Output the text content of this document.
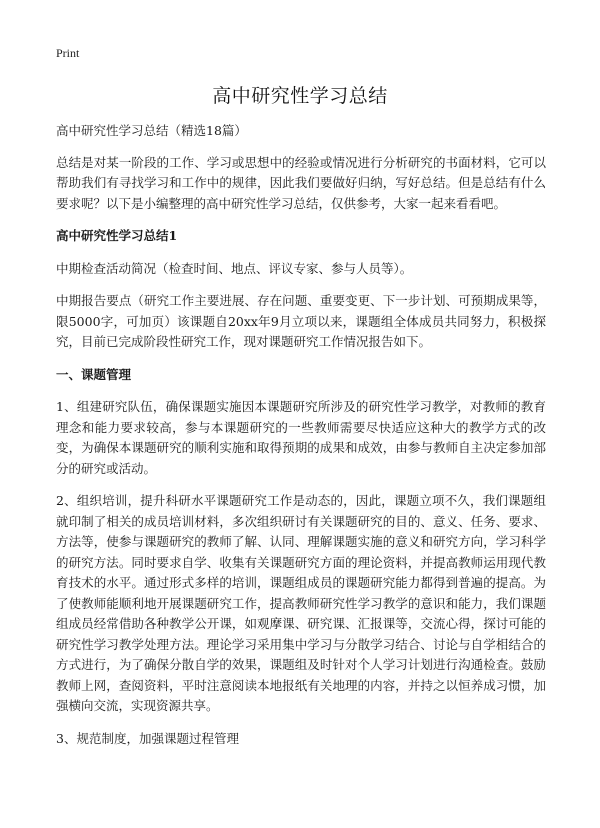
Print
高中研究性学习总结

高中研究性学习总结（精选18篇）

总结是对某一阶段的工作、学习或思想中的经验或情况进行分析研究的书面材料，它可以帮助我们有寻找学习和工作中的规律，因此我们要做好归纳，写好总结。但是总结有什么要求呢？以下是小编整理的高中研究性学习总结，仅供参考，大家一起来看看吧。

高中研究性学习总结1

中期检查活动简况（检查时间、地点、评议专家、参与人员等）。

中期报告要点（研究工作主要进展、存在问题、重要变更、下一步计划、可预期成果等，限5000字，可加页）该课题自20xx年9月立项以来，课题组全体成员共同努力，积极探究，目前已完成阶段性研究工作，现对课题研究工作情况报告如下。

一、课题管理

1、组建研究队伍，确保课题实施因本课题研究所涉及的研究性学习教学，对教师的教育理念和能力要求较高，参与本课题研究的一些教师需要尽快适应这种大的教学方式的改变，为确保本课题研究的顺利实施和取得预期的成果和成效，由参与教师自主决定参加部分的研究或活动。

2、组织培训，提升科研水平课题研究工作是动态的，因此，课题立项不久，我们课题组就印制了相关的成员培训材料，多次组织研讨有关课题研究的目的、意义、任务、要求、方法等，使参与课题研究的教师了解、认同、理解课题实施的意义和研究方向，学习科学的研究方法。同时要求自学、收集有关课题研究方面的理论资料，并提高教师运用现代教育技术的水平。通过形式多样的培训，课题组成员的课题研究能力都得到普遍的提高。为了使教师能顺利地开展课题研究工作，提高教师研究性学习教学的意识和能力，我们课题组成员经常借助各种教学公开课，如观摩课、研究课、汇报课等，交流心得，探讨可能的研究性学习教学处理方法。理论学习采用集中学习与分散学习结合、讨论与自学相结合的方式进行，为了确保分散自学的效果，课题组及时针对个人学习计划进行沟通检查。鼓励教师上网，查阅资料，平时注意阅读本地报纸有关地理的内容，并持之以恒养成习惯，加强横向交流，实现资源共享。

3、规范制度，加强课题过程管理
